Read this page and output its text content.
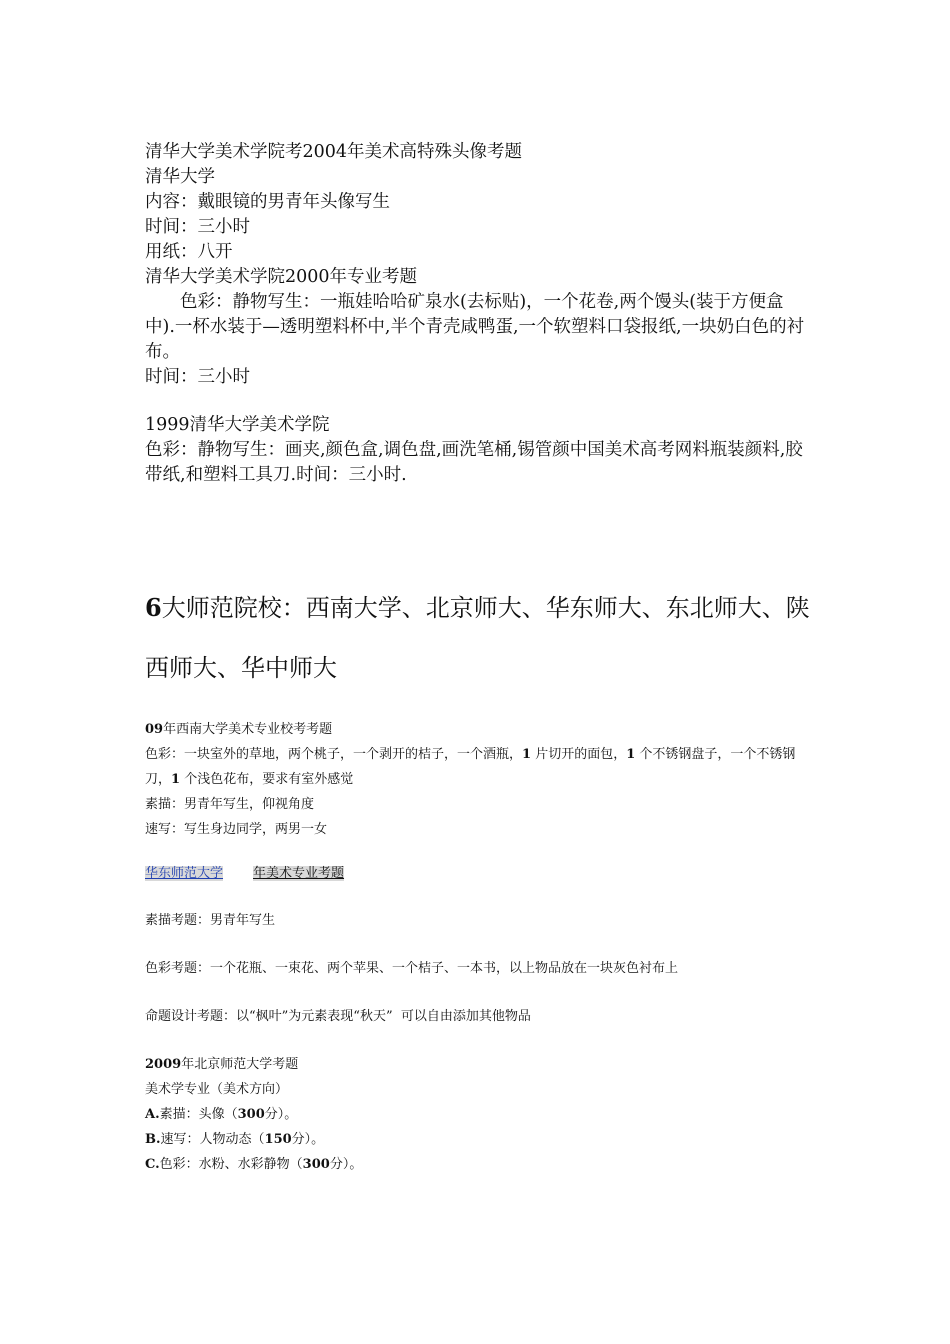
清华大学美术学院考2004年美术高特殊头像考题
清华大学
内容：戴眼镜的男青年头像写生
时间：三小时
用纸：八开
清华大学美术学院2000年专业考题
色彩：静物写生：一瓶娃哈哈矿泉水(去标贴)，一个花卷,两个馒头(装于方便盒中).一杯水装于—透明塑料杯中,半个青壳咸鸭蛋,一个软塑料口袋报纸,一块奶白色的衬布。
时间：三小时
1999清华大学美术学院
色彩：静物写生：画夹,颜色盒,调色盘,画洗笔桶,锡管颜中国美术高考网料瓶装颜料,胶带纸,和塑料工具刀.时间：三小时.
6大师范院校：西南大学、北京师大、华东师大、东北师大、陕西师大、华中师大
09年西南大学美术专业校考考题
色彩：一块室外的草地，两个桃子，一个剥开的桔子，一个酒瓶，1 片切开的面包，1 个不锈钢盘子，一个不锈钢刀，1 个浅色花布，要求有室外感觉
素描：男青年写生，仰视角度
速写：写生身边同学，两男一女
华东师范大学 年美术专业考题
素描考题：男青年写生
色彩考题：一个花瓶、一束花、两个苹果、一个桔子、一本书，以上物品放在一块灰色衬布上
命题设计考题：以“枫叶”为元素表现“秋天”  可以自由添加其他物品
2009年北京师范大学考题
美术学专业（美术方向）
A.素描：头像（300分）。
B.速写：人物动态（150分）。
C.色彩：水粉、水彩静物（300分）。
